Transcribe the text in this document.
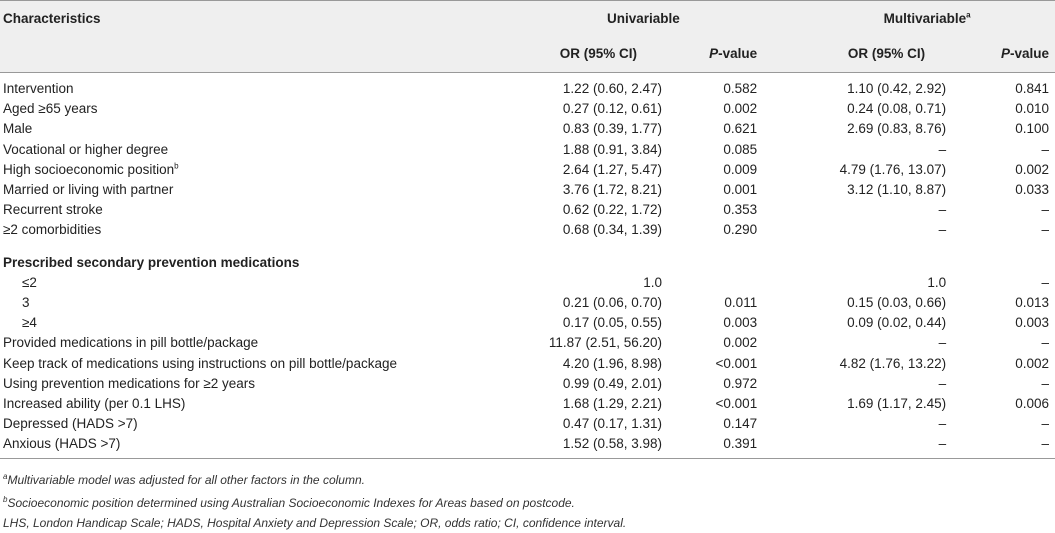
Characteristics	Univariable		Multivariable$^a$
	OR (95% CI)	P-value	OR (95% CI)	P-value

Intervention	1.22 (0.60, 2.47)	0.582	1.10 (0.42, 2.92)	0.841
Aged ≥65 years	0.27 (0.12, 0.61)	0.002	0.24 (0.08, 0.71)	0.010
Male	0.83 (0.39, 1.77)	0.621	2.69 (0.83, 8.76)	0.100
Vocational or higher degree	1.88 (0.91, 3.84)	0.085	–	–
High socioeconomic position$^b$	2.64 (1.27, 5.47)	0.009	4.79 (1.76, 13.07)	0.002
Married or living with partner	3.76 (1.72, 8.21)	0.001	3.12 (1.10, 8.87)	0.033
Recurrent stroke	0.62 (0.22, 1.72)	0.353	–	–
≥2 comorbidities	0.68 (0.34, 1.39)	0.290	–	–

Prescribed secondary prevention medications				
≤2	1.0		1.0	–
3	0.21 (0.06, 0.70)	0.011	0.15 (0.03, 0.66)	0.013
≥4	0.17 (0.05, 0.55)	0.003	0.09 (0.02, 0.44)	0.003
Provided medications in pill bottle/package	11.87 (2.51, 56.20)	0.002	–	–
Keep track of medications using instructions on pill bottle/package	4.20 (1.96, 8.98)	<0.001	4.82 (1.76, 13.22)	0.002
Using prevention medications for ≥2 years	0.99 (0.49, 2.01)	0.972	–	–
Increased ability (per 0.1 LHS)	1.68 (1.29, 2.21)	<0.001	1.69 (1.17, 2.45)	0.006
Depressed (HADS >7)	0.47 (0.17, 1.31)	0.147	–	–
Anxious (HADS >7)	1.52 (0.58, 3.98)	0.391	–	–

$^a$Multivariable model was adjusted for all other factors in the column.
$^b$Socioeconomic position determined using Australian Socioeconomic Indexes for Areas based on postcode.
LHS, London Handicap Scale; HADS, Hospital Anxiety and Depression Scale; OR, odds ratio; CI, confidence interval.
